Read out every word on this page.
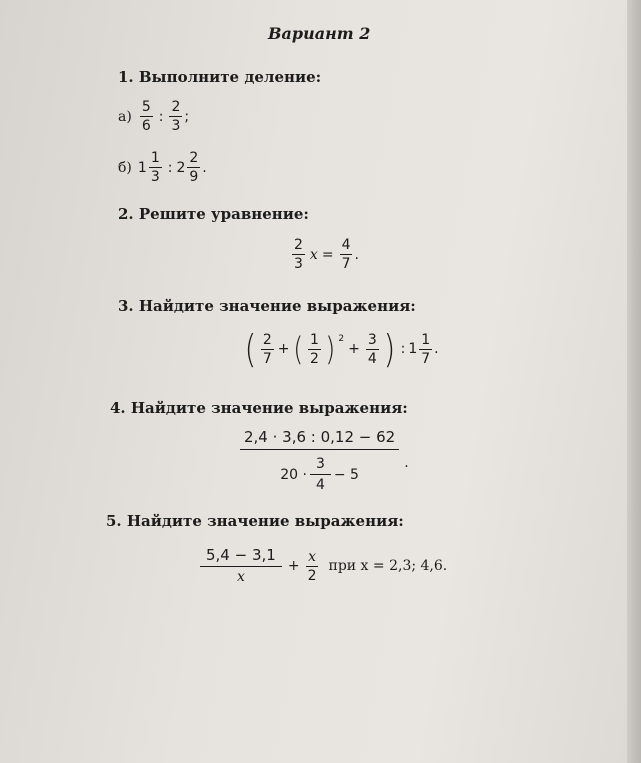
Вариант 2
1. Выполните деление:
$а) \frac{5}{6}$ : $\frac{2}{3}$ ;
б) $1 \frac{1}{3}$ : $2 \frac{2}{9}$ .
2. Решите уравнение:
$\frac{2}{3}$ $x = \frac{4}{7}$ .
3. Найдите значение выражения:
( $\frac{2}{7}$ + ( $\frac{1}{2}$ ) 2
+ $\frac{3}{4}$ ) : $1 \frac{1}{7}$ .
4. Найдите значение выражения:
$\frac{2,4 \cdot 3,6 : 0,12 - 62}{20 \cdot \frac{3}{4} - 5}$ .
5. Найдите значение выражения:
$\frac{5,4 - 3,1}{x} + \frac{x}{2}$ при x = 2,3; 4,6.
